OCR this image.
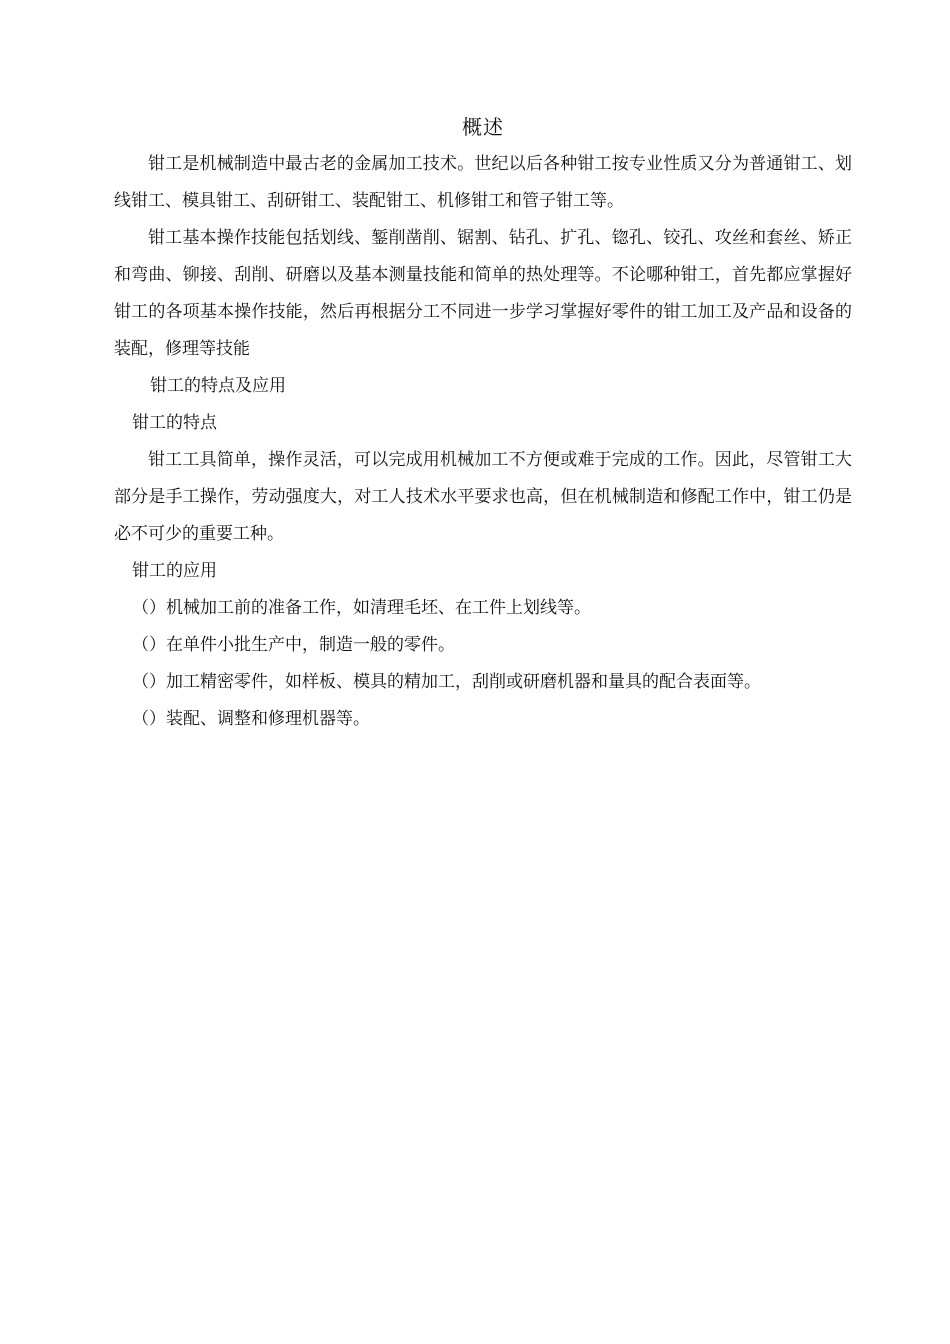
概述

钳工是机械制造中最古老的金属加工技术。世纪以后各种钳工按专业性质又分为普通钳工、划线钳工、模具钳工、刮研钳工、装配钳工、机修钳工和管子钳工等。

钳工基本操作技能包括划线、錾削凿削、锯割、钻孔、扩孔、锪孔、铰孔、攻丝和套丝、矫正和弯曲、铆接、刮削、研磨以及基本测量技能和简单的热处理等。不论哪种钳工，首先都应掌握好钳工的各项基本操作技能，然后再根据分工不同进一步学习掌握好零件的钳工加工及产品和设备的装配，修理等技能

钳工的特点及应用

钳工的特点

钳工工具简单，操作灵活，可以完成用机械加工不方便或难于完成的工作。因此，尽管钳工大部分是手工操作，劳动强度大，对工人技术水平要求也高，但在机械制造和修配工作中，钳工仍是必不可少的重要工种。

钳工的应用

（）机械加工前的准备工作，如清理毛坯、在工件上划线等。

（）在单件小批生产中，制造一般的零件。

（）加工精密零件，如样板、模具的精加工，刮削或研磨机器和量具的配合表面等。

（）装配、调整和修理机器等。
